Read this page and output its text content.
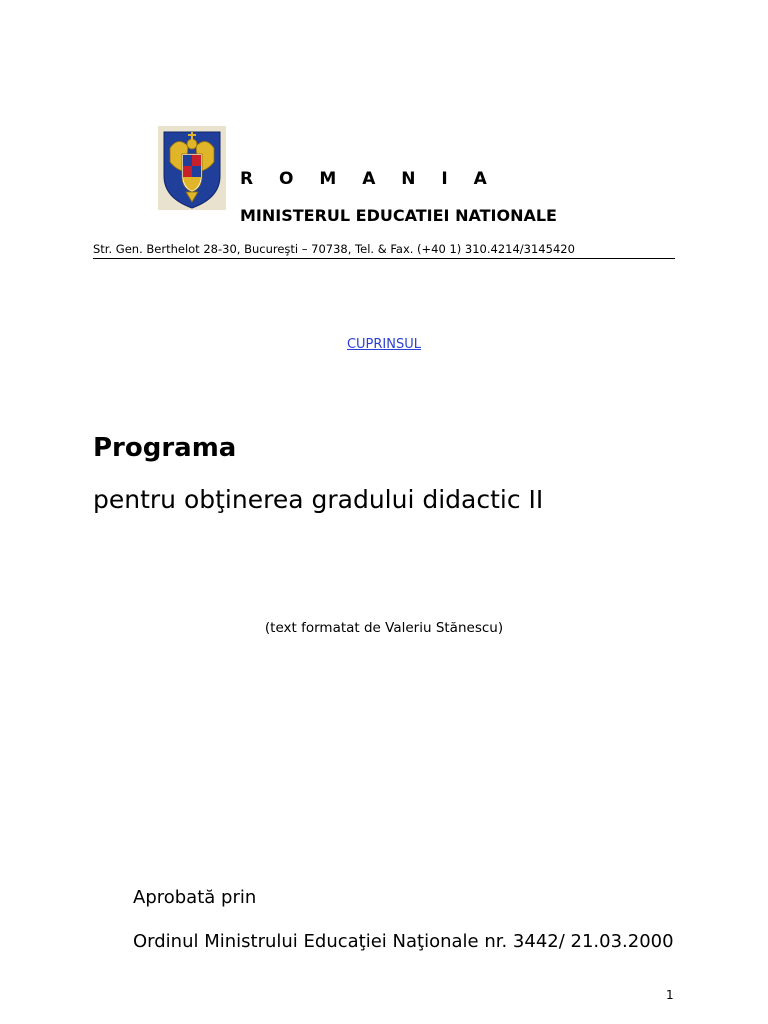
R O M A N I A
MINISTERUL EDUCATIEI NATIONALE
Str. Gen. Berthelot 28-30, Bucureşti – 70738, Tel. & Fax. (+40 1) 310.4214/3145420
CUPRINSUL
Programa
pentru obţinerea gradului didactic II
(text formatat de Valeriu Stănescu)
Aprobată prin
Ordinul Ministrului Educaţiei Naţionale nr. 3442/ 21.03.2000
1
